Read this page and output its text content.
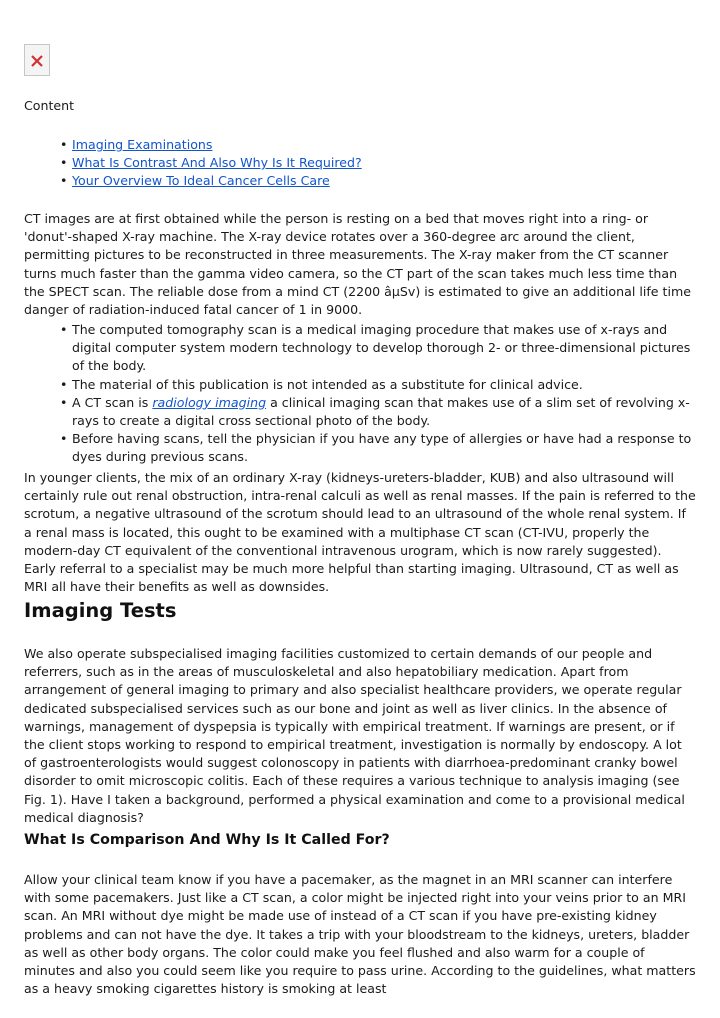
Content

• Imaging Examinations
• What Is Contrast And Also Why Is It Required?
• Your Overview To Ideal Cancer Cells Care

CT images are at first obtained while the person is resting on a bed that moves right into a ring- or 'donut'-shaped X-ray machine. The X-ray device rotates over a 360-degree arc around the client, permitting pictures to be reconstructed in three measurements. The X-ray maker from the CT scanner turns much faster than the gamma video camera, so the CT part of the scan takes much less time than the SPECT scan. The reliable dose from a mind CT (2200 âµSv) is estimated to give an additional life time danger of radiation-induced fatal cancer of 1 in 9000.

• The computed tomography scan is a medical imaging procedure that makes use of x-rays and digital computer system modern technology to develop thorough 2- or three-dimensional pictures of the body.
• The material of this publication is not intended as a substitute for clinical advice.
• A CT scan is radiology imaging a clinical imaging scan that makes use of a slim set of revolving x-rays to create a digital cross sectional photo of the body.
• Before having scans, tell the physician if you have any type of allergies or have had a response to dyes during previous scans.

In younger clients, the mix of an ordinary X-ray (kidneys-ureters-bladder, KUB) and also ultrasound will certainly rule out renal obstruction, intra-renal calculi as well as renal masses. If the pain is referred to the scrotum, a negative ultrasound of the scrotum should lead to an ultrasound of the whole renal system. If a renal mass is located, this ought to be examined with a multiphase CT scan (CT-IVU, properly the modern-day CT equivalent of the conventional intravenous urogram, which is now rarely suggested). Early referral to a specialist may be much more helpful than starting imaging. Ultrasound, CT as well as MRI all have their benefits as well as downsides.

Imaging Tests

We also operate subspecialised imaging facilities customized to certain demands of our people and referrers, such as in the areas of musculoskeletal and also hepatobiliary medication. Apart from arrangement of general imaging to primary and also specialist healthcare providers, we operate regular dedicated subspecialised services such as our bone and joint as well as liver clinics. In the absence of warnings, management of dyspepsia is typically with empirical treatment. If warnings are present, or if the client stops working to respond to empirical treatment, investigation is normally by endoscopy. A lot of gastroenterologists would suggest colonoscopy in patients with diarrhoea-predominant cranky bowel disorder to omit microscopic colitis. Each of these requires a various technique to analysis imaging (see Fig. 1). Have I taken a background, performed a physical examination and come to a provisional medical medical diagnosis?

What Is Comparison And Why Is It Called For?

Allow your clinical team know if you have a pacemaker, as the magnet in an MRI scanner can interfere with some pacemakers. Just like a CT scan, a color might be injected right into your veins prior to an MRI scan. An MRI without dye might be made use of instead of a CT scan if you have pre-existing kidney problems and can not have the dye. It takes a trip with your bloodstream to the kidneys, ureters, bladder as well as other body organs. The color could make you feel flushed and also warm for a couple of minutes and also you could seem like you require to pass urine. According to the guidelines, what matters as a heavy smoking cigarettes history is smoking at least
